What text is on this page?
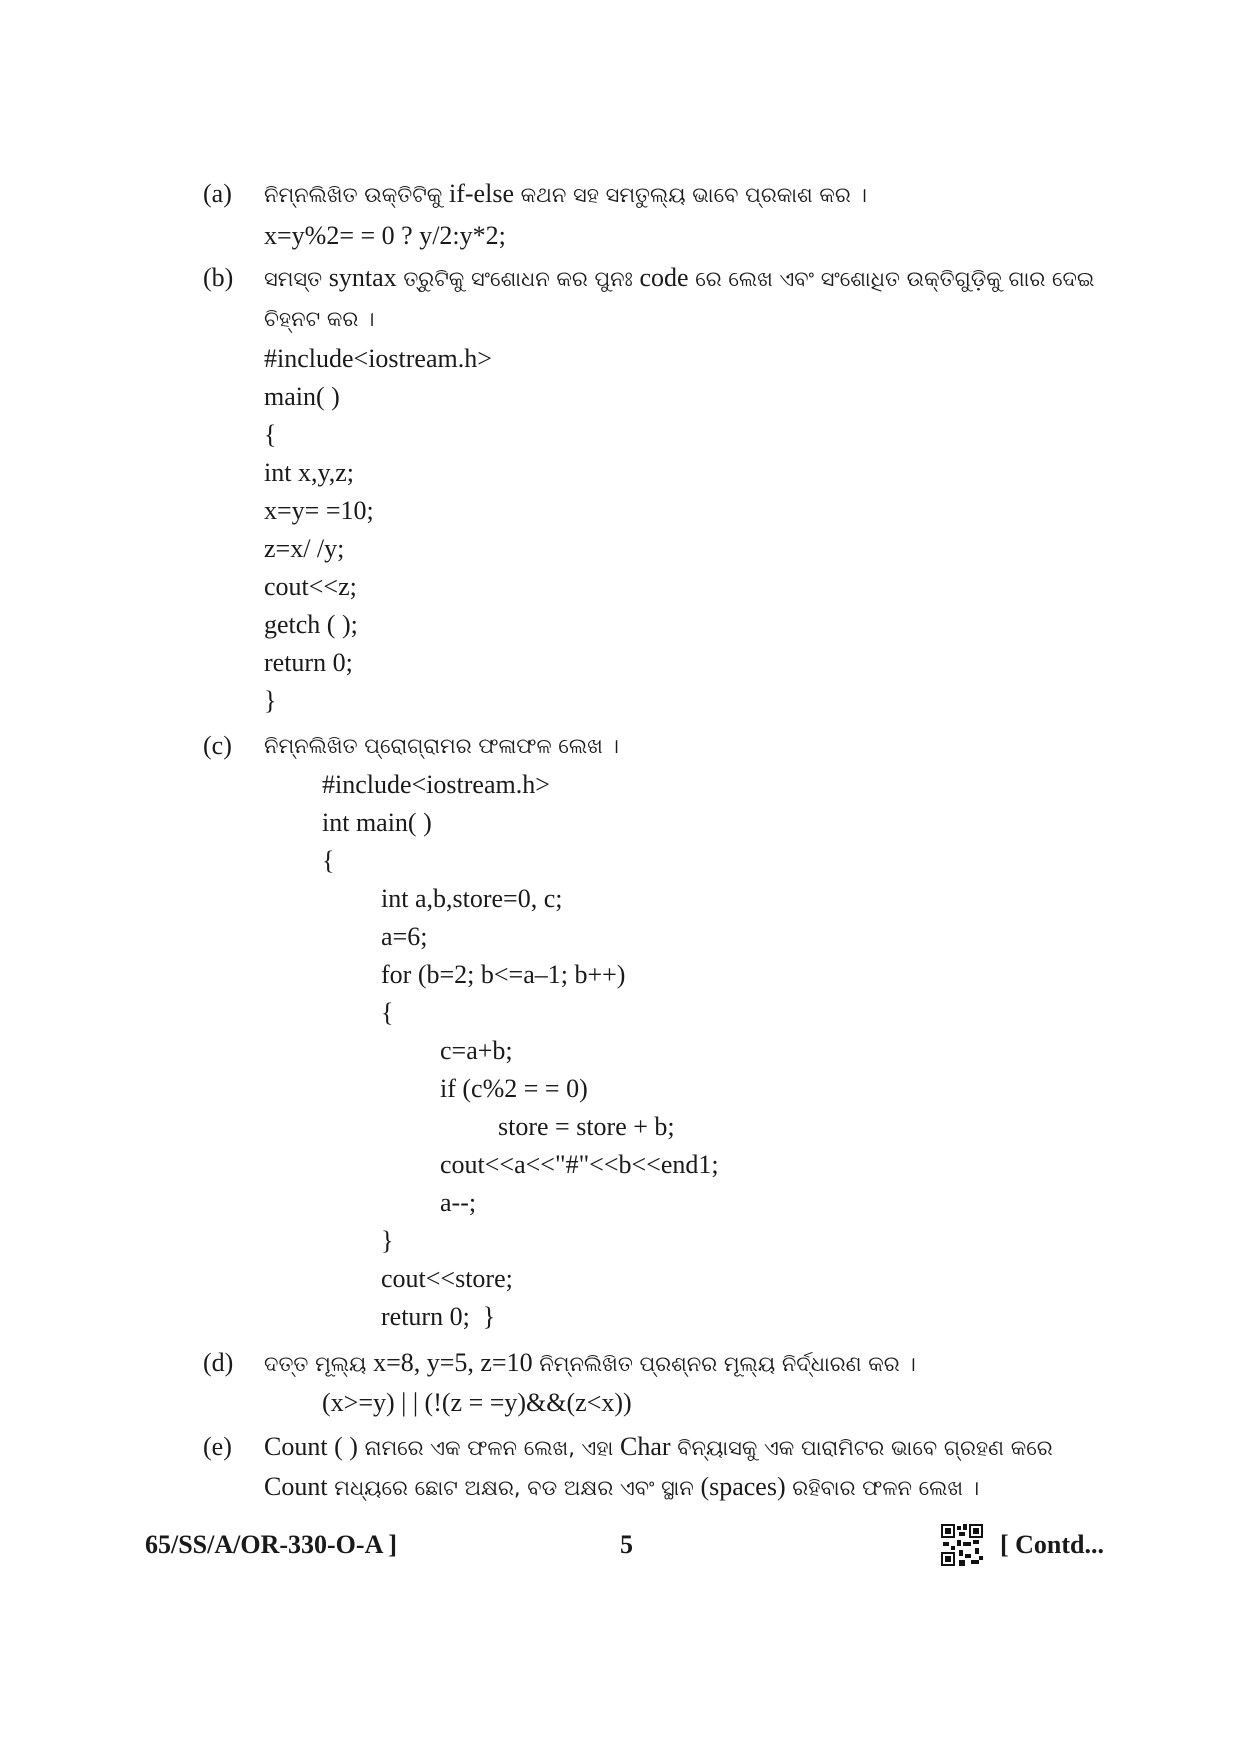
(a) ନିମ୍ନଲିଖିତ ଉକ୍ତିଟିକୁ if-else କଥନ ସହ ସମତୁଲ୍ୟ ଭାବେ ପ୍ରକାଶ କର ।
x=y%2= = 0 ? y/2:y*2;
(b) ସମସ୍ତ syntax ତ୍ରୁଟିକୁ ସଂଶୋଧନ କର ପୁନଃ code ରେ ଲେଖ ଏବଂ ସଂଶୋଧିତ ଉକ୍ତିଗୁଡ଼ିକୁ ଗାର ଦେଇ
ଚିହ୍ନଟ କର ।
#include<iostream.h>
main( )
{
int x,y,z;
x=y= =10;
z=x/ /y;
cout<<z;
getch ( );
return 0;
}
(c) ନିମ୍ନଲିଖିତ ପ୍ରୋଗ୍ରାମର ଫଳାଫଳ ଲେଖ ।
#include<iostream.h>
int main( )
{
int a,b,store=0, c;
a=6;
for (b=2; b<=a–1; b++)
{
c=a+b;
if (c%2 = = 0)
store = store + b;
cout<<a<<"#"<<b<<end1;
a--;
}
cout<<store;
return 0;  }
(d) ଦତ୍ତ ମୂଲ୍ୟ x=8, y=5, z=10 ନିମ୍ନଲିଖିତ ପ୍ରଶ୍ନର ମୂଲ୍ୟ ନିର୍ଦ୍ଧାରଣ କର ।
(x>=y) | | (!(z = =y)&&(z<x))
(e) Count ( ) ନାମରେ ଏକ ଫଳନ ଲେଖ, ଏହା Char ବିନ୍ୟାସକୁ ଏକ ପାରାମିଟର ଭାବେ ଗ୍ରହଣ କରେ
Count ମଧ୍ୟରେ ଛୋଟ ଅକ୍ଷର, ବଡ ଅକ୍ଷର ଏବଂ ସ୍ଥାନ (spaces) ରହିବାର ଫଳନ ଲେଖ ।
65/SS/A/OR-330-O-A ]	5	[ Contd...
